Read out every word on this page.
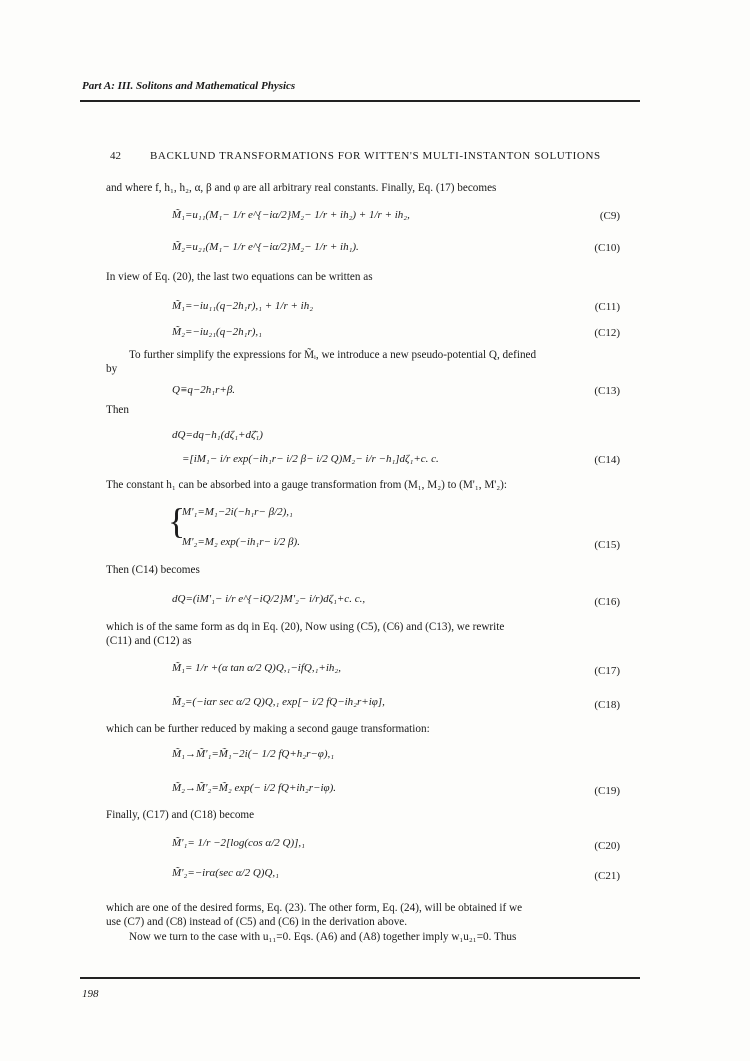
Part A: III. Solitons and Mathematical Physics
42	BACKLUND TRANSFORMATIONS FOR WITTEN'S MULTI-INSTANTON SOLUTIONS
and where f, h₁, h₂, α, β and φ are all arbitrary real constants. Finally, Eq. (17) becomes
M̃₁=u₁₁(M₁− 1/r e^{−iα/2}M₂− 1/r + ih₂) + 1/r + ih₂,	(C9)
M̃₂=u₂₁(M₁− 1/r e^{−iα/2}M₂− 1/r + ih₁).	(C10)
In view of Eq. (20), the last two equations can be written as
M̃₁=−iu₁₁(q−2h₁r),₁ + 1/r + ih₂	(C11)
M̃₂=−iu₂₁(q−2h₁r),₁	(C12)
To further simplify the expressions for M̃ᵢ, we introduce a new pseudo-potential Q, defined
by
Q≡q−2h₁r+β.	(C13)
Then
dQ=dq−h₁(dζ₁+dζ̄₁)
=[iM₁− i/r exp(−ih₁r− i/2 β− i/2 Q)M₂− i/r −h₁]dζ₁+c. c.	(C14)
The constant h₁ can be absorbed into a gauge transformation from (M₁, M₂) to (M'₁, M'₂):
{
M'₁=M₁−2i(−h₁r− β/2),₁
M'₂=M₂ exp(−ih₁r− i/2 β).	(C15)
Then (C14) becomes
dQ=(iM'₁− i/r e^{−iQ/2}M'₂− i/r)dζ₁+c. c.,	(C16)
which is of the same form as dq in Eq. (20), Now using (C5), (C6) and (C13), we rewrite
(C11) and (C12) as
M̃₁= 1/r +(α tan α/2 Q)Q,₁−ifQ,₁+ih₂,	(C17)
M̃₂=(−iαr sec α/2 Q)Q,₁ exp[− i/2 fQ−ih₂r+iφ],	(C18)
which can be further reduced by making a second gauge transformation:
M̃₁→M̃'₁=M̃₁−2i(− 1/2 fQ+h₂r−φ),₁
M̃₂→M̃'₂=M̃₂ exp(− i/2 fQ+ih₂r−iφ).	(C19)
Finally, (C17) and (C18) become
M̃'₁= 1/r −2[log(cos α/2 Q)],₁	(C20)
M̃'₂=−irα(sec α/2 Q)Q,₁	(C21)
which are one of the desired forms, Eq. (23). The other form, Eq. (24), will be obtained if we
use (C7) and (C8) instead of (C5) and (C6) in the derivation above.
Now we turn to the case with u₁₁=0. Eqs. (A6) and (A8) together imply w₁u₂₁=0. Thus
198
